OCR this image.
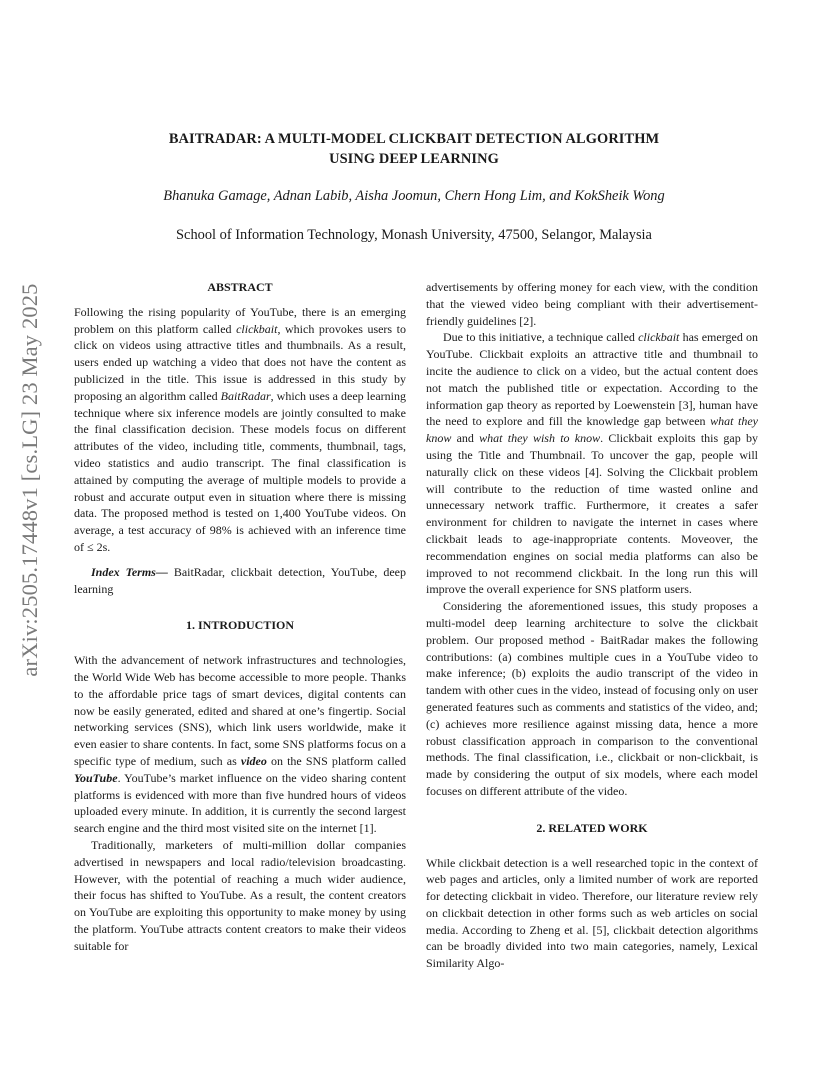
arXiv:2505.17448v1 [cs.LG] 23 May 2025
BAITRADAR: A MULTI-MODEL CLICKBAIT DETECTION ALGORITHM
USING DEEP LEARNING
Bhanuka Gamage, Adnan Labib, Aisha Joomun, Chern Hong Lim, and KokSheik Wong
School of Information Technology, Monash University, 47500, Selangor, Malaysia

ABSTRACT

Following the rising popularity of YouTube, there is an emerging problem on this platform called clickbait, which provokes users to click on videos using attractive titles and thumbnails. As a result, users ended up watching a video that does not have the content as publicized in the title. This issue is addressed in this study by proposing an algorithm called BaitRadar, which uses a deep learning technique where six inference models are jointly consulted to make the final classification decision. These models focus on different attributes of the video, including title, comments, thumbnail, tags, video statistics and audio transcript. The final classification is attained by computing the average of multiple models to provide a robust and accurate output even in situation where there is missing data. The proposed method is tested on 1,400 YouTube videos. On average, a test accuracy of 98% is achieved with an inference time of ≤ 2s.

Index Terms— BaitRadar, clickbait detection, YouTube, deep learning

1. INTRODUCTION

With the advancement of network infrastructures and technologies, the World Wide Web has become accessible to more people. Thanks to the affordable price tags of smart devices, digital contents can now be easily generated, edited and shared at one’s fingertip. Social networking services (SNS), which link users worldwide, make it even easier to share contents. In fact, some SNS platforms focus on a specific type of medium, such as video on the SNS platform called YouTube. YouTube’s market influence on the video sharing content platforms is evidenced with more than five hundred hours of videos uploaded every minute. In addition, it is currently the second largest search engine and the third most visited site on the internet [1].

Traditionally, marketers of multi-million dollar companies advertised in newspapers and local radio/television broadcasting. However, with the potential of reaching a much wider audience, their focus has shifted to YouTube. As a result, the content creators on YouTube are exploiting this opportunity to make money by using the platform. YouTube attracts content creators to make their videos suitable for

advertisements by offering money for each view, with the condition that the viewed video being compliant with their advertisement-friendly guidelines [2].

Due to this initiative, a technique called clickbait has emerged on YouTube. Clickbait exploits an attractive title and thumbnail to incite the audience to click on a video, but the actual content does not match the published title or expectation. According to the information gap theory as reported by Loewenstein [3], human have the need to explore and fill the knowledge gap between what they know and what they wish to know. Clickbait exploits this gap by using the Title and Thumbnail. To uncover the gap, people will naturally click on these videos [4]. Solving the Clickbait problem will contribute to the reduction of time wasted online and unnecessary network traffic. Furthermore, it creates a safer environment for children to navigate the internet in cases where clickbait leads to age-inappropriate contents. Moveover, the recommendation engines on social media platforms can also be improved to not recommend clickbait. In the long run this will improve the overall experience for SNS platform users.

Considering the aforementioned issues, this study proposes a multi-model deep learning architecture to solve the clickbait problem. Our proposed method - BaitRadar makes the following contributions: (a) combines multiple cues in a YouTube video to make inference; (b) exploits the audio transcript of the video in tandem with other cues in the video, instead of focusing only on user generated features such as comments and statistics of the video, and; (c) achieves more resilience against missing data, hence a more robust classification approach in comparison to the conventional methods. The final classification, i.e., clickbait or non-clickbait, is made by considering the output of six models, where each model focuses on different attribute of the video.

2. RELATED WORK

While clickbait detection is a well researched topic in the context of web pages and articles, only a limited number of work are reported for detecting clickbait in video. Therefore, our literature review rely on clickbait detection in other forms such as web articles on social media. According to Zheng et al. [5], clickbait detection algorithms can be broadly divided into two main categories, namely, Lexical Similarity Algo-
